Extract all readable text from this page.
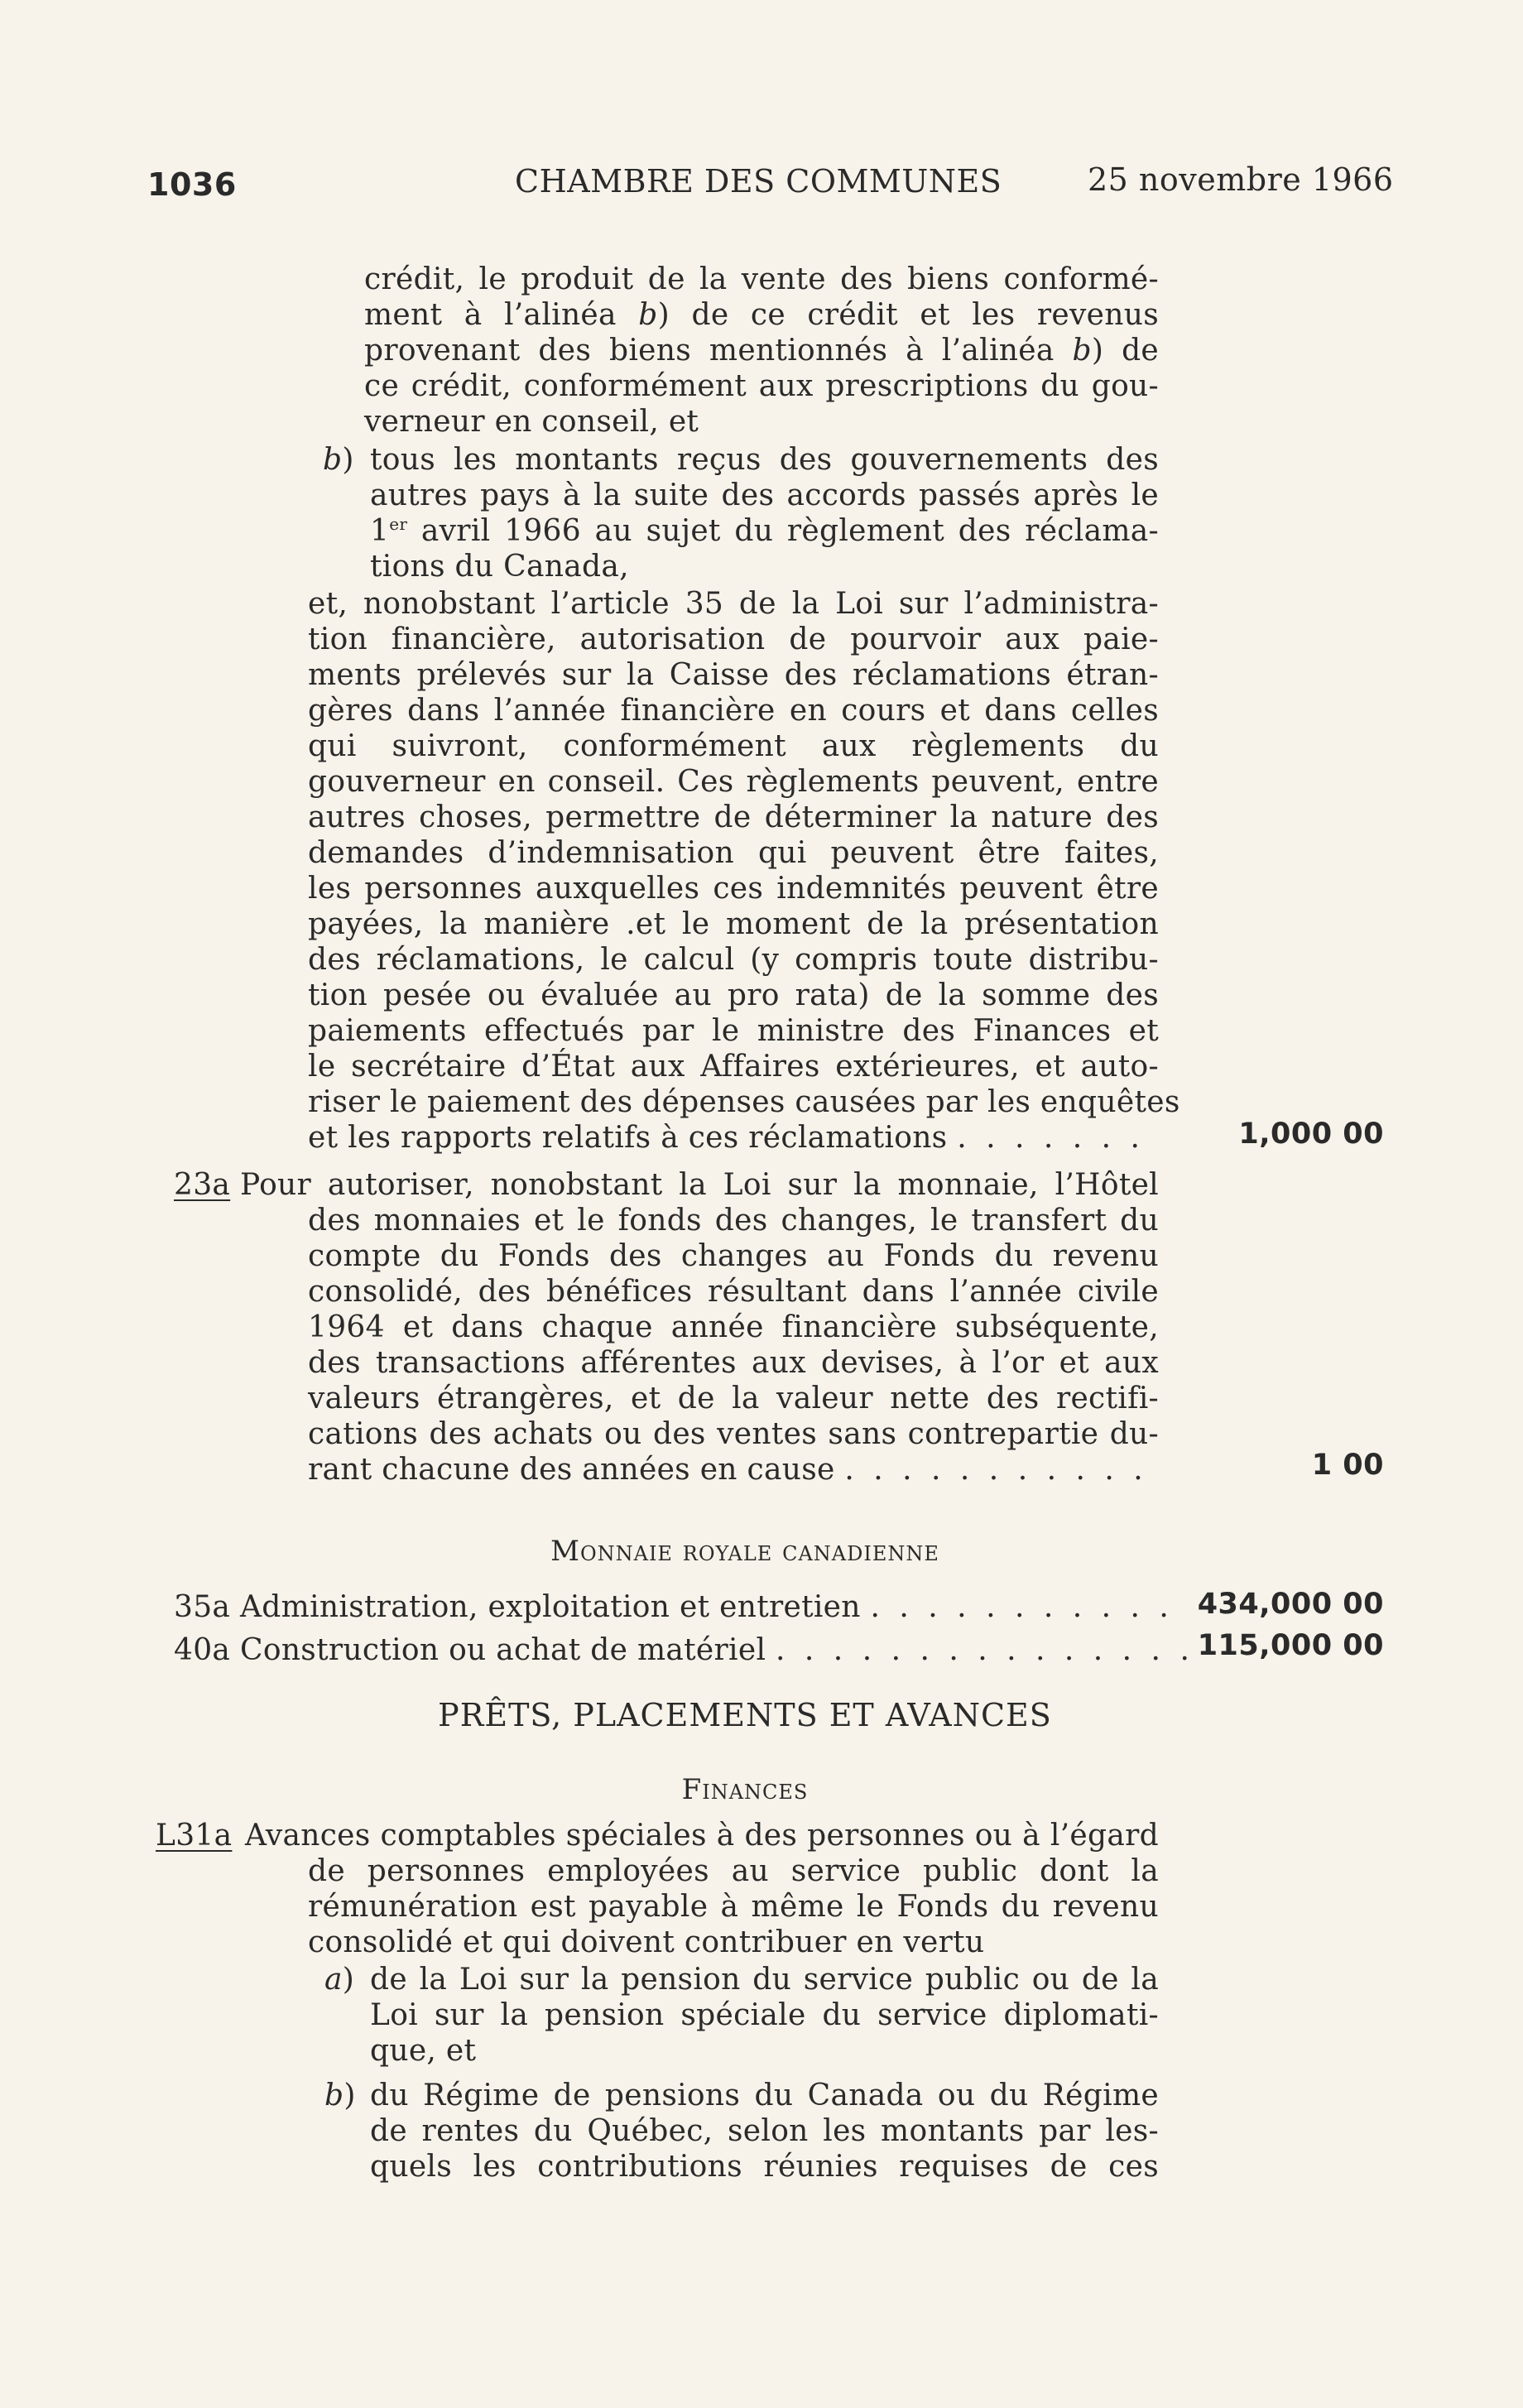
1036	CHAMBRE DES COMMUNES	25 novembre 1966
crédit, le produit de la vente des biens conformé-
ment à l’alinéa b) de ce crédit et les revenus
provenant des biens mentionnés à l’alinéa b) de
ce crédit, conformément aux prescriptions du gou-
verneur en conseil, et
b) tous les montants reçus des gouvernements des
autres pays à la suite des accords passés après le
1er avril 1966 au sujet du règlement des réclama-
tions du Canada,
et, nonobstant l’article 35 de la Loi sur l’administra-
tion financière, autorisation de pourvoir aux paie-
ments prélevés sur la Caisse des réclamations étran-
gères dans l’année financière en cours et dans celles
qui suivront, conformément aux règlements du
gouverneur en conseil. Ces règlements peuvent, entre
autres choses, permettre de déterminer la nature des
demandes d’indemnisation qui peuvent être faites,
les personnes auxquelles ces indemnités peuvent être
payées, la manière .et le moment de la présentation
des réclamations, le calcul (y compris toute distribu-
tion pesée ou évaluée au pro rata) de la somme des
paiements effectués par le ministre des Finances et
le secrétaire d’État aux Affaires extérieures, et auto-
riser le paiement des dépenses causées par les enquêtes
et les rapports relatifs à ces réclamations . . . . . . .	1,000 00
23a Pour autoriser, nonobstant la Loi sur la monnaie, l’Hôtel
des monnaies et le fonds des changes, le transfert du
compte du Fonds des changes au Fonds du revenu
consolidé, des bénéfices résultant dans l’année civile
1964 et dans chaque année financière subséquente,
des transactions afférentes aux devises, à l’or et aux
valeurs étrangères, et de la valeur nette des rectifi-
cations des achats ou des ventes sans contrepartie du-
rant chacune des années en cause . . . . . . . . . . .	1 00
Monnaie royale canadienne
35a Administration, exploitation et entretien . . . . . . . . . . . 434,000 00
40a Construction ou achat de matériel . . . . . . . . . . . . . . . 115,000 00
PRÊTS, PLACEMENTS ET AVANCES
Finances
L31a Avances comptables spéciales à des personnes ou à l’égard
de personnes employées au service public dont la
rémunération est payable à même le Fonds du revenu
consolidé et qui doivent contribuer en vertu
a) de la Loi sur la pension du service public ou de la
Loi sur la pension spéciale du service diplomati-
que, et
b) du Régime de pensions du Canada ou du Régime
de rentes du Québec, selon les montants par les-
quels les contributions réunies requises de ces
